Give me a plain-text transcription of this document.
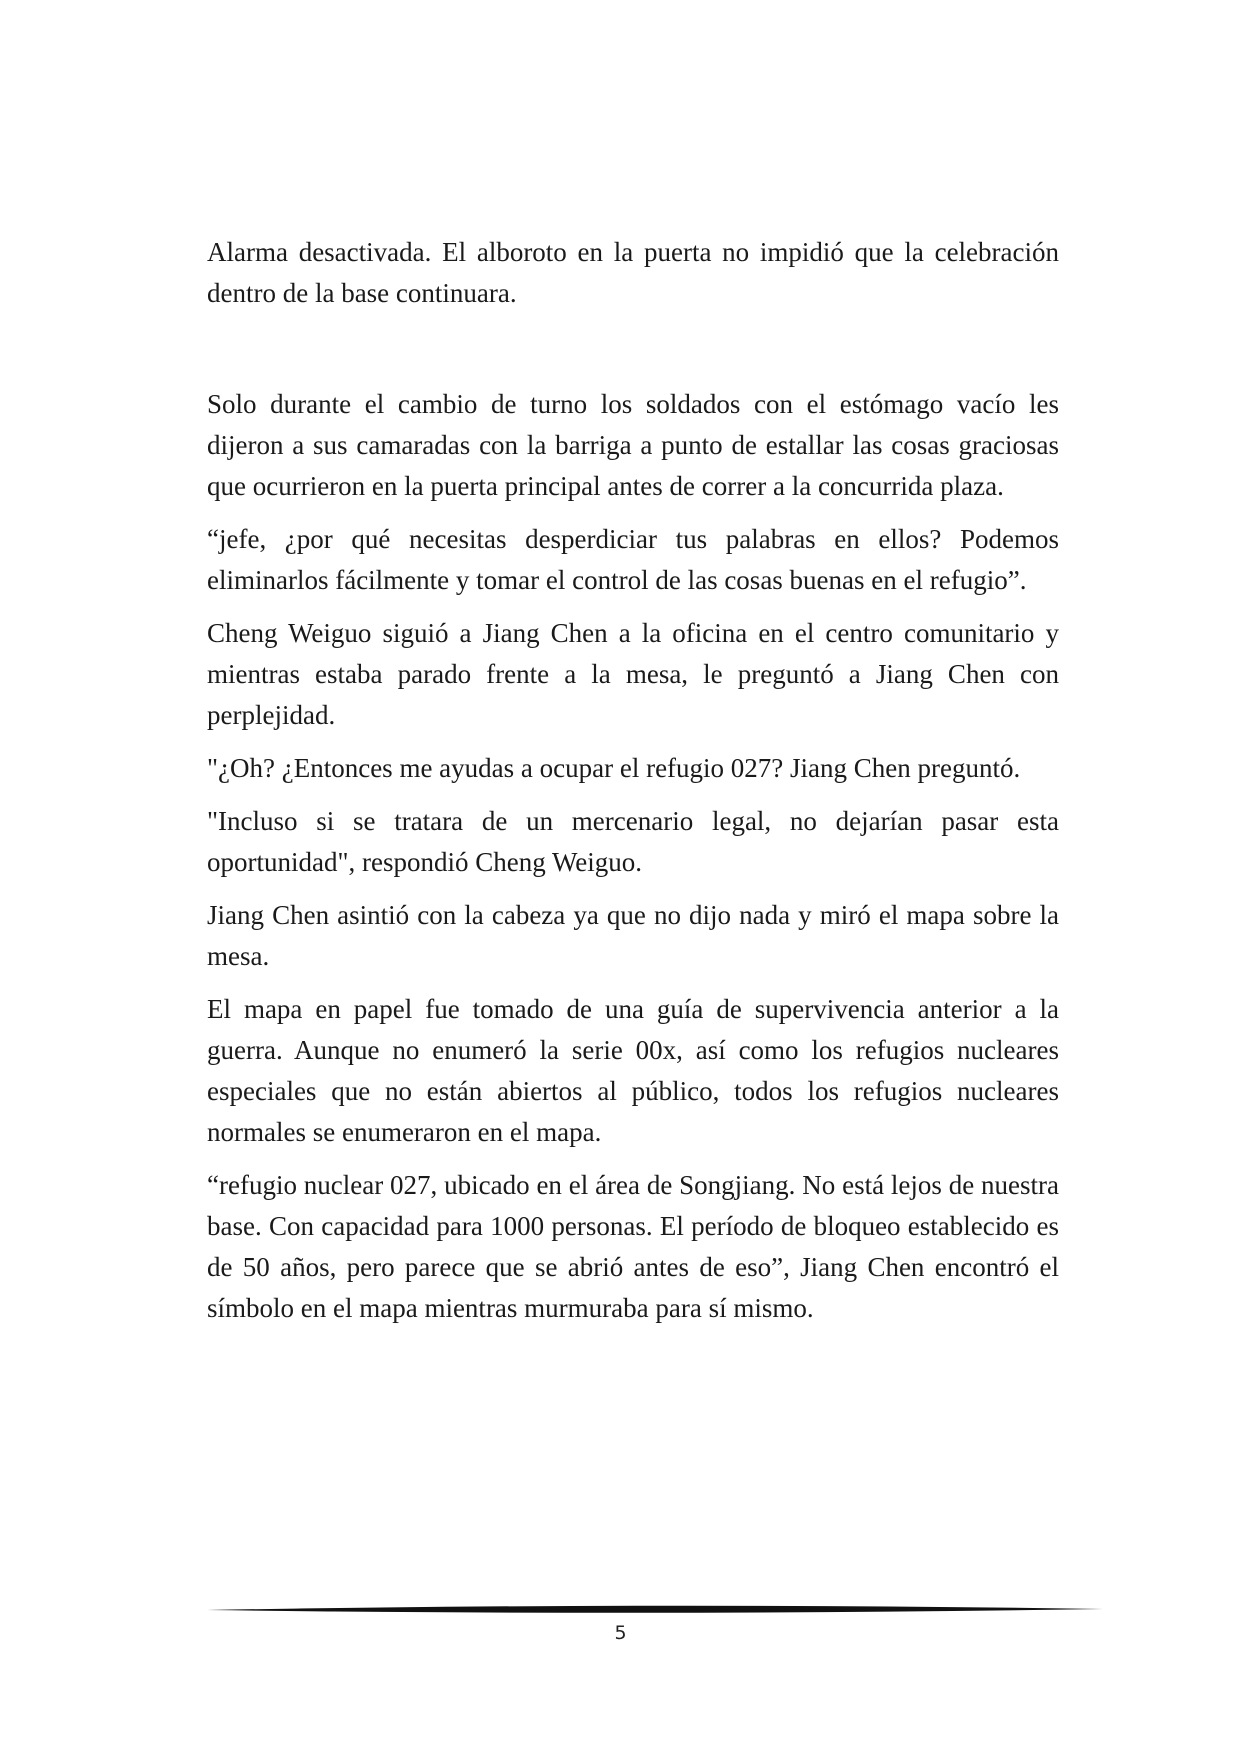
Alarma desactivada. El alboroto en la puerta no impidió que la celebración dentro de la base continuara.

Solo durante el cambio de turno los soldados con el estómago vacío les dijeron a sus camaradas con la barriga a punto de estallar las cosas graciosas que ocurrieron en la puerta principal antes de correr a la concurrida plaza.

“jefe, ¿por qué necesitas desperdiciar tus palabras en ellos? Podemos eliminarlos fácilmente y tomar el control de las cosas buenas en el refugio”.

Cheng Weiguo siguió a Jiang Chen a la oficina en el centro comunitario y mientras estaba parado frente a la mesa, le preguntó a Jiang Chen con perplejidad.

"¿Oh? ¿Entonces me ayudas a ocupar el refugio 027? Jiang Chen preguntó.

"Incluso si se tratara de un mercenario legal, no dejarían pasar esta oportunidad", respondió Cheng Weiguo.

Jiang Chen asintió con la cabeza ya que no dijo nada y miró el mapa sobre la mesa.

El mapa en papel fue tomado de una guía de supervivencia anterior a la guerra. Aunque no enumeró la serie 00x, así como los refugios nucleares especiales que no están abiertos al público, todos los refugios nucleares normales se enumeraron en el mapa.

“refugio nuclear 027, ubicado en el área de Songjiang. No está lejos de nuestra base. Con capacidad para 1000 personas. El período de bloqueo establecido es de 50 años, pero parece que se abrió antes de eso”, Jiang Chen encontró el símbolo en el mapa mientras murmuraba para sí mismo.

5
